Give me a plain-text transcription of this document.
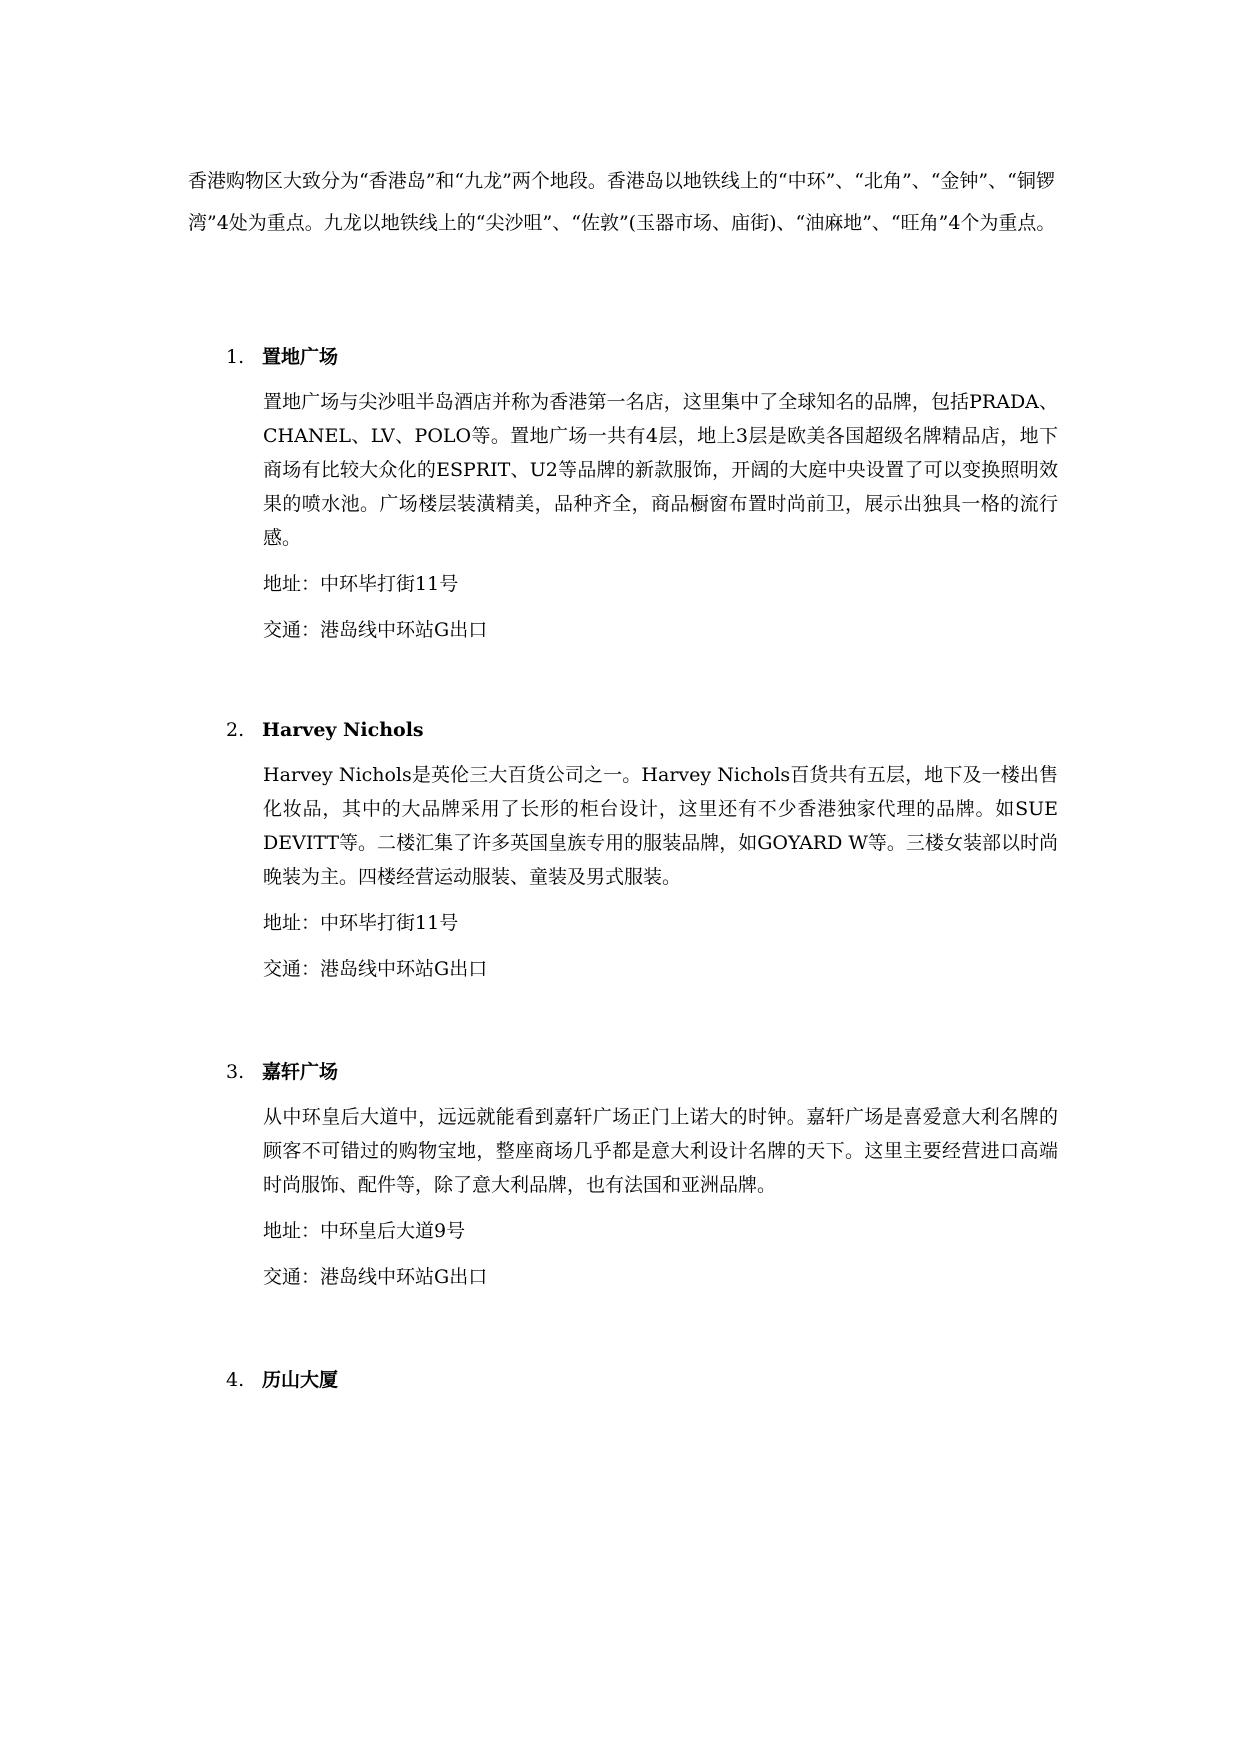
香港购物区大致分为“香港岛”和“九龙”两个地段。香港岛以地铁线上的“中环”、“北角”、“金钟”、“铜锣湾”4处为重点。九龙以地铁线上的“尖沙咀”、“佐敦”(玉器市场、庙街)、“油麻地”、“旺角”4个为重点。

1. 置地广场

置地广场与尖沙咀半岛酒店并称为香港第一名店，这里集中了全球知名的品牌，包括PRADA、CHANEL、LV、POLO等。置地广场一共有4层，地上3层是欧美各国超级名牌精品店，地下商场有比较大众化的ESPRIT、U2等品牌的新款服饰，开阔的大庭中央设置了可以变换照明效果的喷水池。广场楼层装潢精美，品种齐全，商品橱窗布置时尚前卫，展示出独具一格的流行感。

地址：中环毕打街11号

交通：港岛线中环站G出口

2. Harvey Nichols

Harvey Nichols是英伦三大百货公司之一。Harvey Nichols百货共有五层，地下及一楼出售化妆品，其中的大品牌采用了长形的柜台设计，这里还有不少香港独家代理的品牌。如SUE　DEVITT等。二楼汇集了许多英国皇族专用的服装品牌，如GOYARD W等。三楼女装部以时尚晚装为主。四楼经营运动服装、童装及男式服装。

地址：中环毕打街11号

交通：港岛线中环站G出口

3. 嘉轩广场

从中环皇后大道中，远远就能看到嘉轩广场正门上诺大的时钟。嘉轩广场是喜爱意大利名牌的顾客不可错过的购物宝地，整座商场几乎都是意大利设计名牌的天下。这里主要经营进口高端时尚服饰、配件等，除了意大利品牌，也有法国和亚洲品牌。

地址：中环皇后大道9号

交通：港岛线中环站G出口

4. 历山大厦
